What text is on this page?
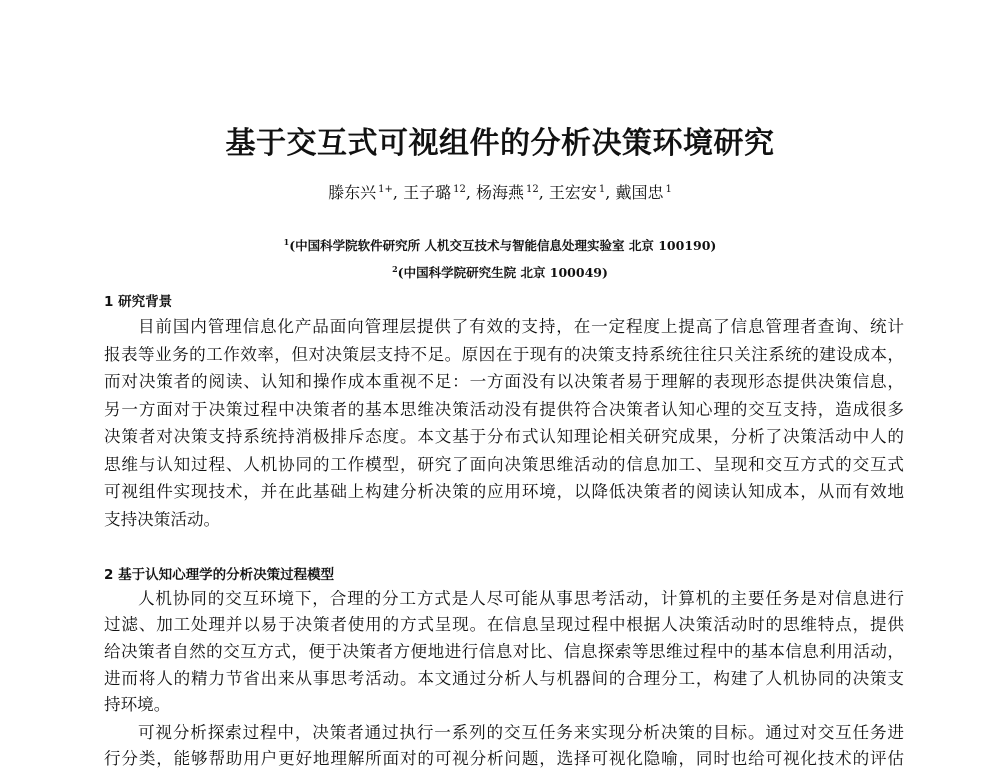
基于交互式可视组件的分析决策环境研究
滕东兴 $^{1+}$, 王子璐 $^{12}$, 杨海燕 $^{12}$, 王宏安 $^1$, 戴国忠 $^1$
$^1$(中国科学院软件研究所 人机交互技术与智能信息处理实验室 北京 100190)
$^2$(中国科学院研究生院 北京 100049)
1 研究背景
目前国内管理信息化产品面向管理层提供了有效的支持，在一定程度上提高了信息管理者查询、统计
报表等业务的工作效率，但对决策层支持不足。原因在于现有的决策支持系统往往只关注系统的建设成本，
而对决策者的阅读、认知和操作成本重视不足：一方面没有以决策者易于理解的表现形态提供决策信息，
另一方面对于决策过程中决策者的基本思维决策活动没有提供符合决策者认知心理的交互支持，造成很多
决策者对决策支持系统持消极排斥态度。本文基于分布式认知理论相关研究成果，分析了决策活动中人的
思维与认知过程、人机协同的工作模型，研究了面向决策思维活动的信息加工、呈现和交互方式的交互式
可视组件实现技术，并在此基础上构建分析决策的应用环境，以降低决策者的阅读认知成本，从而有效地
支持决策活动。
2 基于认知心理学的分析决策过程模型
人机协同的交互环境下，合理的分工方式是人尽可能从事思考活动，计算机的主要任务是对信息进行
过滤、加工处理并以易于决策者使用的方式呈现。在信息呈现过程中根据人决策活动时的思维特点，提供
给决策者自然的交互方式，便于决策者方便地进行信息对比、信息探索等思维过程中的基本信息利用活动，
进而将人的精力节省出来从事思考活动。本文通过分析人与机器间的合理分工，构建了人机协同的决策支
持环境。
可视分析探索过程中，决策者通过执行一系列的交互任务来实现分析决策的目标。通过对交互任务进
行分类，能够帮助用户更好地理解所面对的可视分析问题，选择可视化隐喻，同时也给可视化技术的评估
